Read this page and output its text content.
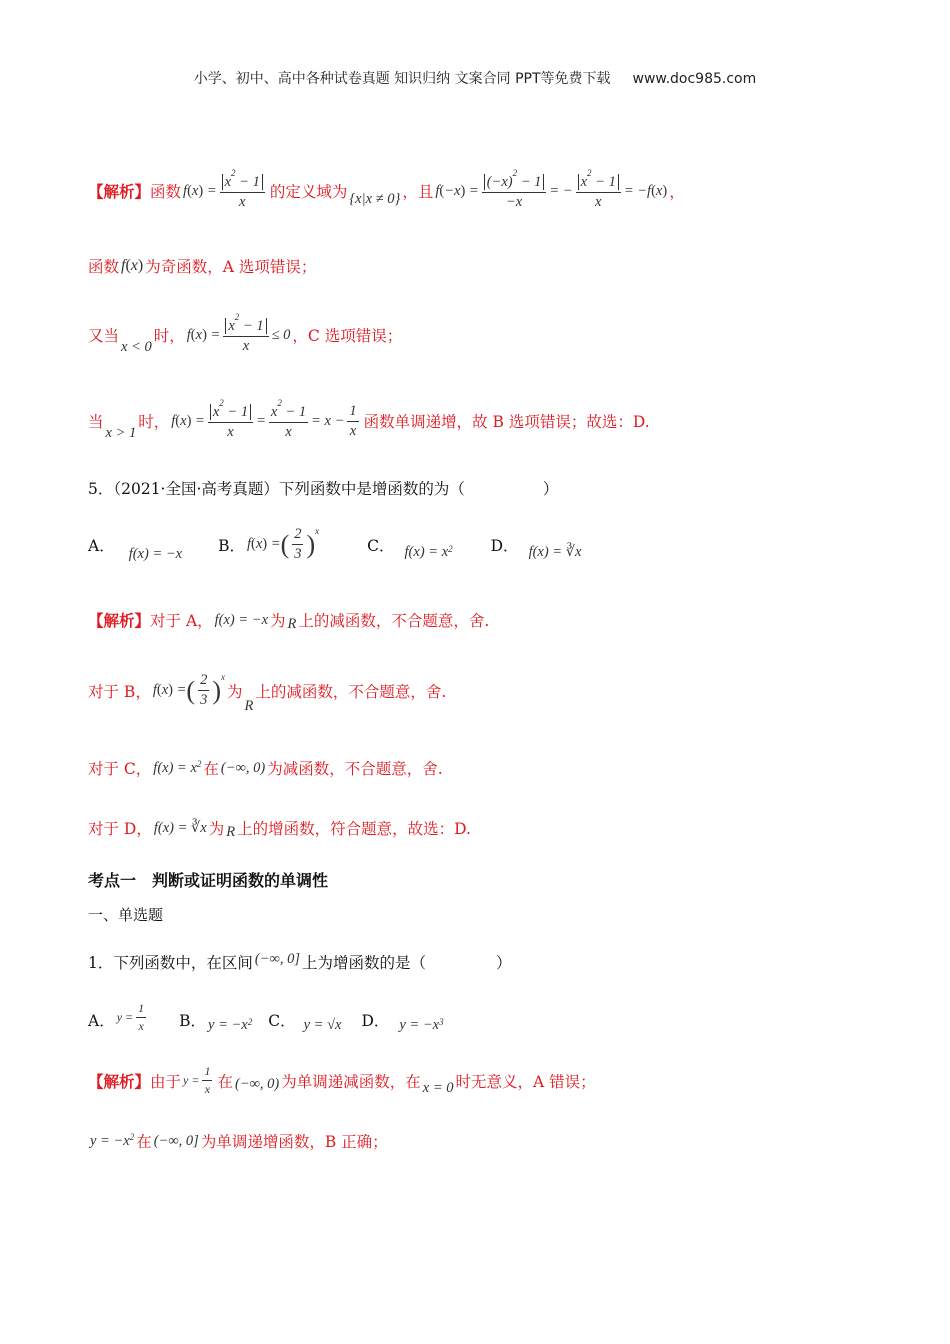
小学、初中、高中各种试卷真题 知识归纳 文案合同 PPT等免费下载 www.doc985.com
【解析】 函数 f ( x ) = $\frac{x^2 - 1}{x}$ 的定义域为 { x|x ≠ 0 } ，且 f ( −x ) = $\frac{(-x)^2 - 1}{-x}$ = − $\frac{x^2 - 1}{x} = -f$ ( x ) ，
函数 f ( x ) 为奇函数，A 选项错误；
又当
x < 0
时， f ( x ) = $\frac{x^2 - 1}{x} \le 0$ ，C 选项错误；
当
x > 1
时， f ( x ) = $\frac{x^2 - 1}{x} = \frac{x^2 - 1}{x} = x - \frac{1}{x}$ 函数单调递增，故 B 选项错误；故选：D.
5．（2021·全国·高考真题）下列函数中是增函数的为（	）
A． f(x) = −x B． f ( x ) = ( $\frac{2}{3}$ ) x
C． f(x) = x 2 D． f(x) = ∛x
【解析】 对于 A， f(x) = −x 为 R 上的减函数，不合题意，舍.
对于 B， f ( x ) = ( $\frac{2}{3}$ ) x
为
R
上的减函数，不合题意，舍.
对于 C， f(x) = x 2 在 (−∞, 0) 为减函数，不合题意，舍.
对于 D， f(x) = ∛x 为 R 上的增函数，符合题意，故选：D.
考点一　判断或证明函数的单调性
一、单选题
1．下列函数中，在区间 (−∞, 0] 上为增函数的是（	）
A． $y = \frac{1}{x}$ B． y = −x 2 C． y = √x D． y = −x 3
【解析】 由于 $y = \frac{1}{x}$ 在 (−∞, 0) 为单调递减函数，在 x = 0 时无意义，A 错误；
y = −x 2 在 (−∞, 0] 为单调递增函数，B 正确；
